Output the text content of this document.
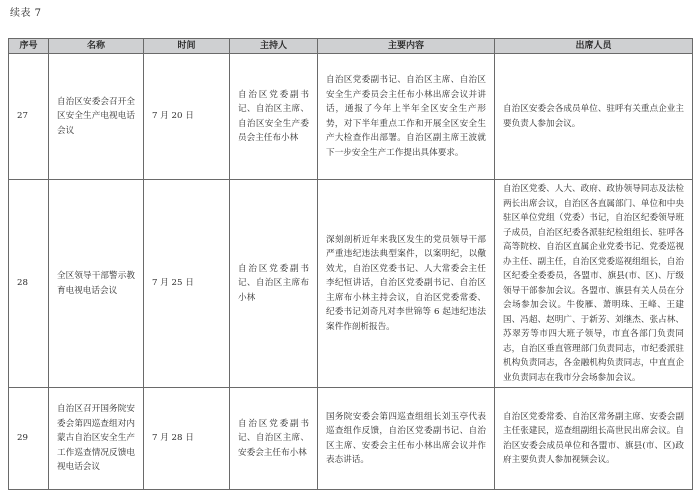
续表 7
序号	名称	时间	主持人	主要内容	出席人员
27	自治区安委会召开全区安全生产电视电话会议	7 月 20 日	自治区党委副书记、自治区主席、自治区安全生产委员会主任布小林	自治区党委副书记、自治区主席、自治区安全生产委员会主任布小林出席会议并讲话，通报了今年上半年全区安全生产形势，对下半年重点工作和开展全区安全生产大检查作出部署。自治区副主席王波就下一步安全生产工作提出具体要求。	自治区安委会各成员单位、驻呼有关重点企业主要负责人参加会议。
28	全区领导干部警示教育电视电话会议	7 月 25 日	自治区党委副书记、自治区主席布小林	深刻剖析近年来我区发生的党员领导干部严重违纪违法典型案件，以案明纪，以儆效尤，自治区党委书记、人大常委会主任李纪恒讲话，自治区党委副书记、自治区主席布小林主持会议，自治区党委常委、纪委书记刘奇凡对李世锦等 6 起违纪违法案件作剖析报告。	自治区党委、人大、政府、政协领导同志及法检两长出席会议，自治区各直属部门、单位和中央驻区单位党组（党委）书记，自治区纪委领导班子成员，自治区纪委各派驻纪检组组长、驻呼各高等院校、自治区直属企业党委书记、党委巡视办主任、副主任，自治区党委巡视组组长，自治区纪委全委委员，各盟市、旗县(市、区)、厅级领导干部参加会议。各盟市、旗县有关人员在分会场参加会议。牛俊雁、萧明珠、王峰、王建国、冯超、赵明广、于新芳、刘继杰、张占林、苏翠芳等市四大班子领导，市直各部门负责同志，自治区垂直管理部门负责同志，市纪委派驻机构负责同志，各金融机构负责同志，中直直企业负责同志在我市分会场参加会议。
29	自治区召开国务院安委会第四巡查组对内蒙古自治区安全生产工作巡查情况反馈电视电话会议	7 月 28 日	自治区党委副书记、自治区主席、安委会主任布小林	国务院安委会第四巡查组组长刘玉亭代表巡查组作反馈，自治区党委副书记、自治区主席、安委会主任布小林出席会议并作表态讲话。	自治区党委常委、自治区常务副主席、安委会副主任张建民，巡查组副组长高世民出席会议。自治区安委会成员单位和各盟市、旗县(市、区)政府主要负责人参加视频会议。
